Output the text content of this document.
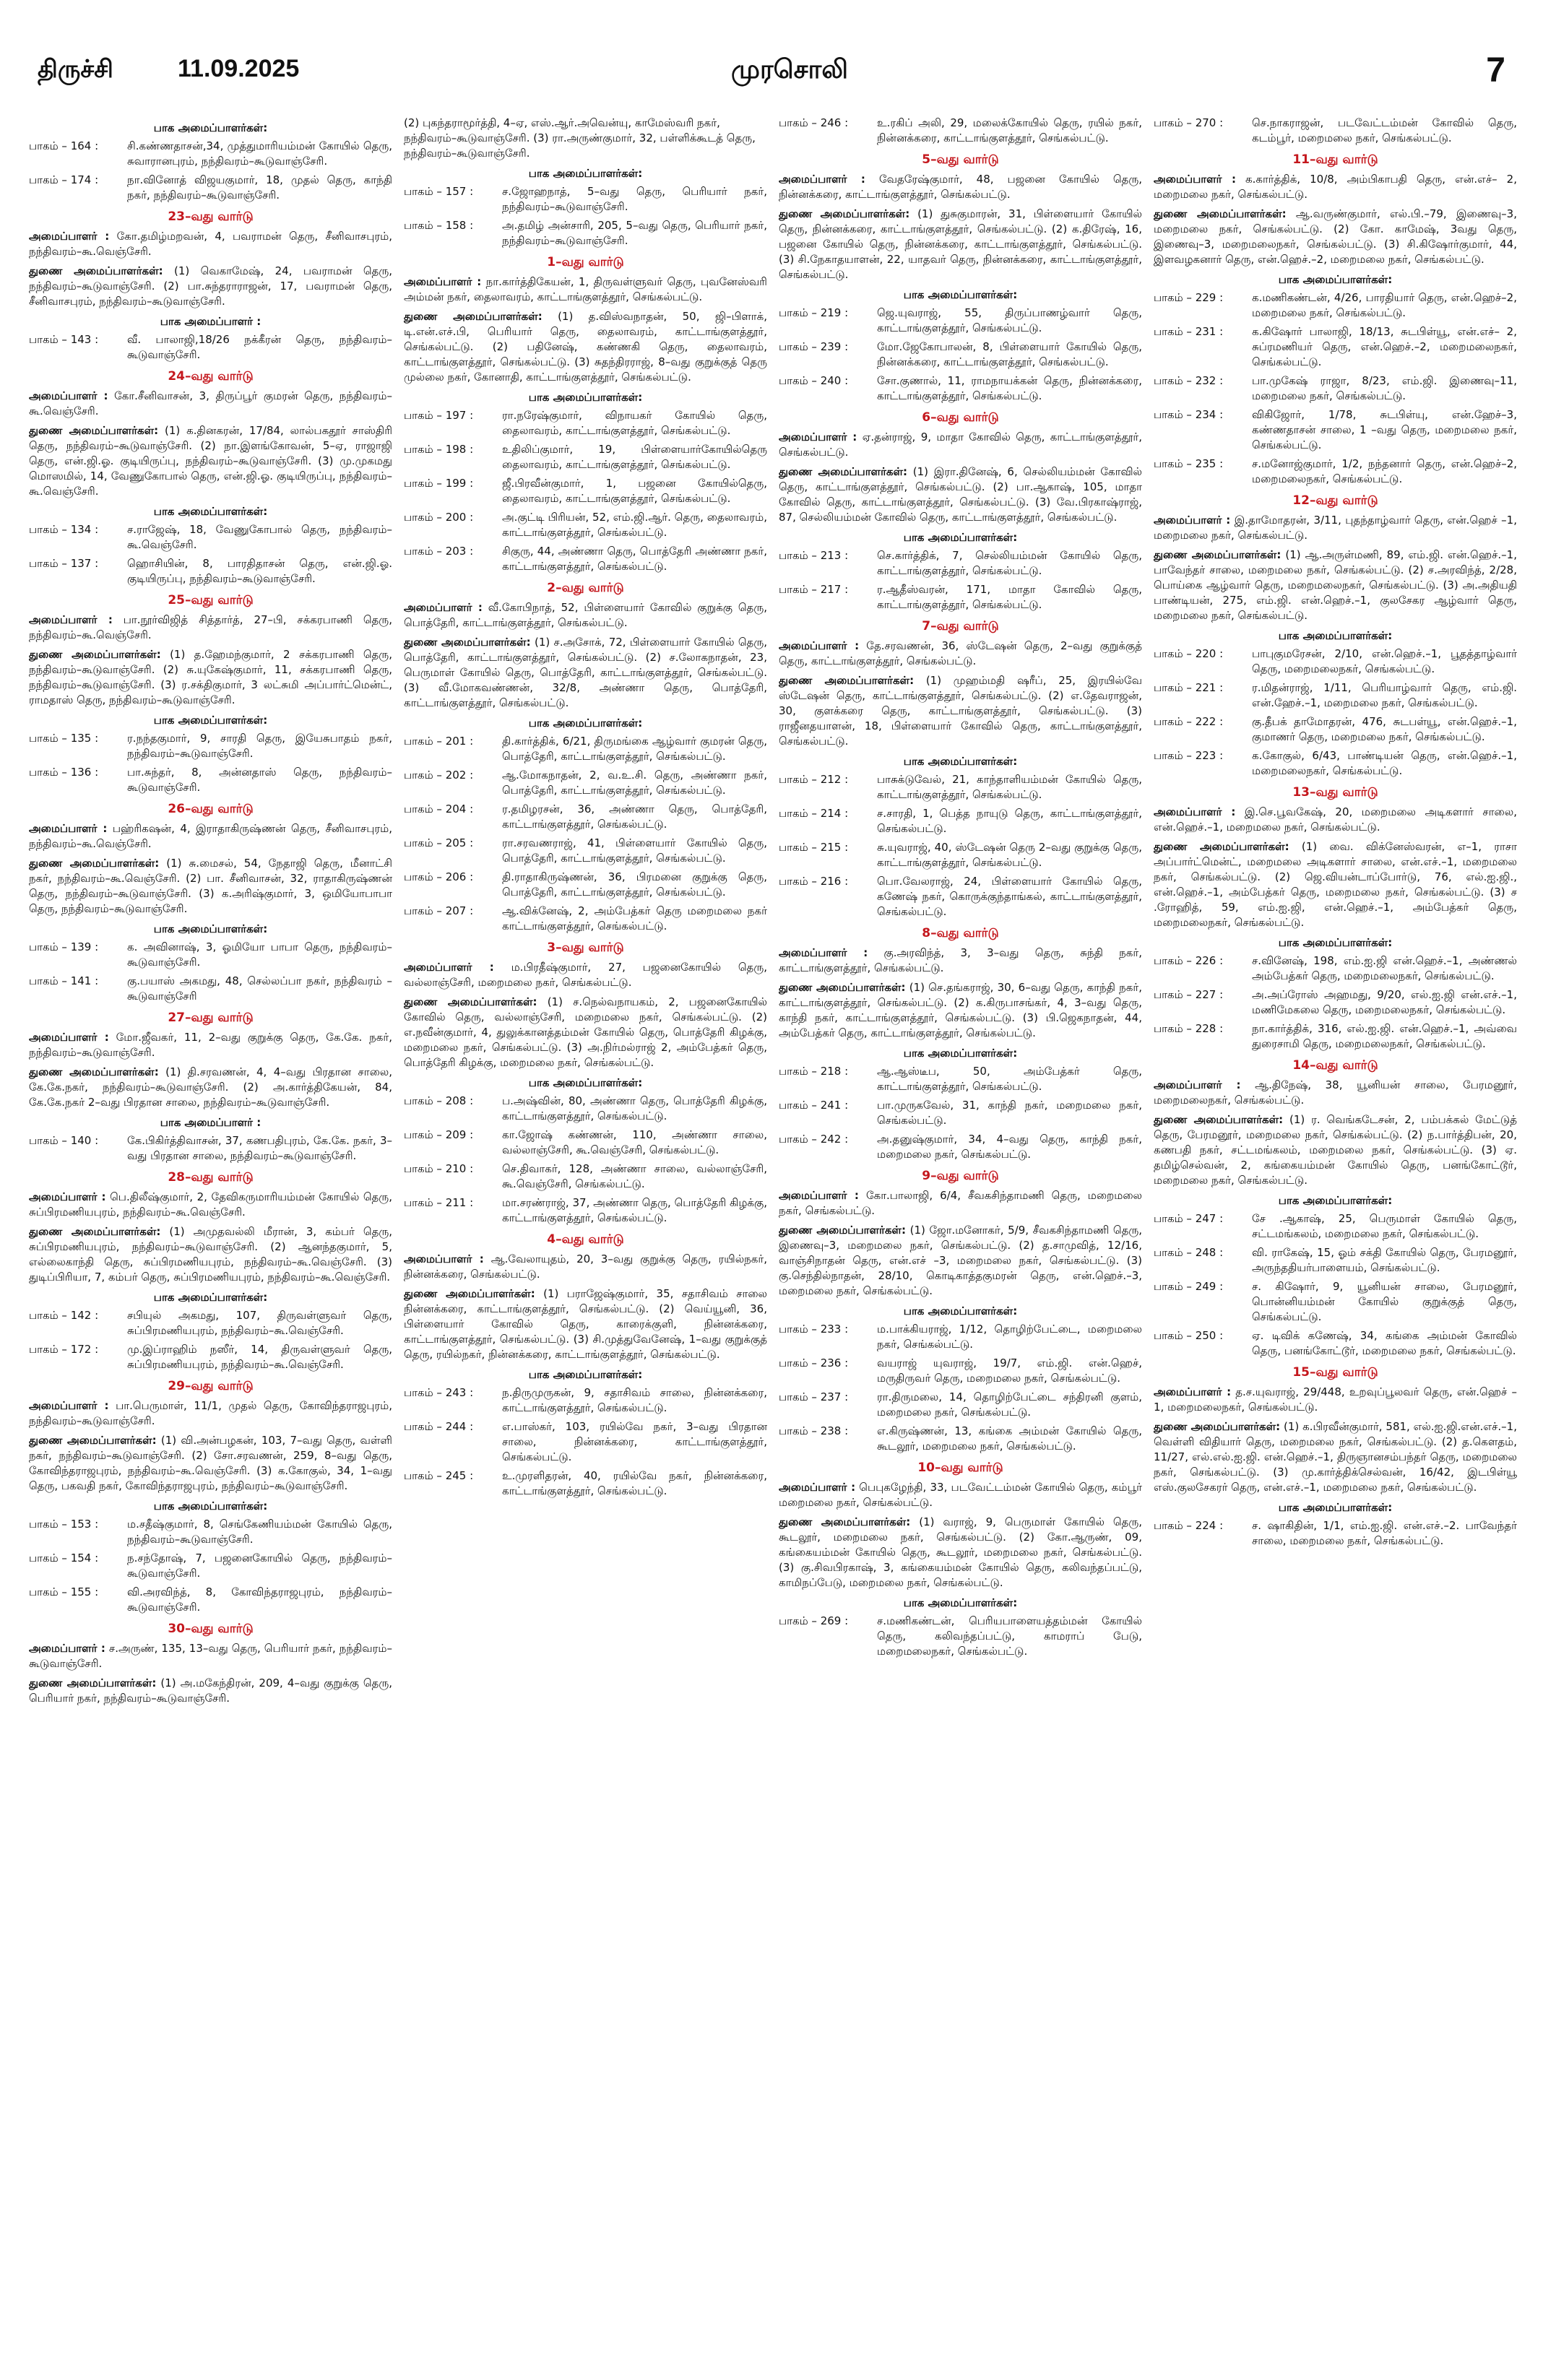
திருச்சி	11.09.2025	முரசொலி	7
பாக அமைப்பாளர்கள்:
பாகம் – 164 :	சி.கண்ணதாசன்,34, முத்துமாரியம்மன் கோயில் தெரு, சுவாரானபுரம், நந்திவரம்–கூடுவாஞ்சேரி.
பாகம் – 174 :	நா.வினோத் விஜயகுமார், 18, முதல் தெரு, காந்தி நகர், நந்திவரம்–கூடுவாஞ்சேரி.
23–வது வார்டு
அமைப்பாளர் : கோ.தமிழ்மறவன், 4, பவராமன் தெரு, சீனிவாசபுரம், நந்திவரம்–கூ.வெஞ்சேரி.
துணை அமைப்பாளர்கள்: (1) வெகாமேஷ், 24, பவராமன் தெரு, நந்திவரம்–கூடுவாஞ்சேரி. (2) பா.சுந்தராராஜன், 17, பவராமன் தெரு, சீனிவாசபுரம், நந்திவரம்–கூடுவாஞ்சேரி.
பாக அமைப்பாளர் :
பாகம் – 143 :	வீ. பாலாஜி,18/26 நக்கீரன் தெரு, நந்திவரம்–கூடுவாஞ்சேரி.
24–வது வார்டு
அமைப்பாளர் : கோ.சீனிவாசன், 3, திருப்பூர் குமரன் தெரு, நந்திவரம்–கூ.வெஞ்சேரி.
துணை அமைப்பாளர்கள்: (1) க.தினகரன், 17/84, லால்பகதூர் சாஸ்திரி தெரு, நந்திவரம்–கூடுவாஞ்சேரி. (2) நா.இளங்கோவன், 5–ஏ, ராஜாஜி தெரு, என்.ஜி.ஓ. குடியிருப்பு, நந்திவரம்–கூடுவாஞ்சேரி. (3) மு.முகமது மொஸமில், 14, வேணுகோபால் தெரு, என்.ஜி.ஓ. குடியிருப்பு, நந்திவரம்–கூ.வெஞ்சேரி.
பாக அமைப்பாளர்கள்:
பாகம் – 134 :	ச.ராஜேஷ், 18, வேணுகோபால் தெரு, நந்திவரம்–கூ.வெஞ்சேரி.
பாகம் – 137 :	ஹொசியின், 8, பாரதிதாசன் தெரு, என்.ஜி.ஓ. குடியிருப்பு, நந்திவரம்–கூடுவாஞ்சேரி.
25–வது வார்டு
அமைப்பாளர் : பா.நூர்விஜித் சித்தார்த், 27–பி, சக்கரபாணி தெரு, நந்திவரம்–கூ.வெஞ்சேரி.
துணை அமைப்பாளர்கள்: (1) த.ஹேமந்குமார், 2 சக்கரபாணி தெரு, நந்திவரம்–கூடுவாஞ்சேரி. (2) சு.யுகேஷ்குமார், 11, சக்கரபாணி தெரு, நந்திவரம்–கூடுவாஞ்சேரி. (3) ர.சக்திகுமார், 3 லட்சுமி அப்பார்ட்மென்ட், ராமதாஸ் தெரு, நந்திவரம்–கூடுவாஞ்சேரி.
பாக அமைப்பாளர்கள்:
பாகம் – 135 :	ர.நந்தகுமார், 9, சாரதி தெரு, இயேசுபாதம் நகர், நந்திவரம்–கூடுவாஞ்சேரி.
பாகம் – 136 :	பா.சுந்தர், 8, அன்னதாஸ் தெரு, நந்திவரம்–கூடுவாஞ்சேரி.
26–வது வார்டு
அமைப்பாளர் : பஹ்ரிகஷன், 4, இராதாகிருஷ்ணன் தெரு, சீனிவாசபுரம், நந்திவரம்–கூ.வெஞ்சேரி.
துணை அமைப்பாளர்கள்: (1) சு.மைசல், 54, நேதாஜி தெரு, மீனாட்சி நகர், நந்திவரம்–கூ.வெஞ்சேரி. (2) பா. சீனிவாசன், 32, ராதாகிருஷ்ணன் தெரு, நந்திவரம்–கூடுவாஞ்சேரி. (3) க.அரிஷ்குமார், 3, ஒமியோபாபா தெரு, நந்திவரம்–கூடுவாஞ்சேரி.
பாக அமைப்பாளர்கள்:
பாகம் – 139 :	க. அவினாஷ், 3, ஓமியோ பாபா தெரு, நந்திவரம்–கூடுவாஞ்சேரி.
பாகம் – 141 :	கு.பயாஸ் அகமது, 48, செல்லப்பா நகர், நந்திவரம் –கூடுவாஞ்சேரி
27–வது வார்டு
அமைப்பாளர் : மோ.ஜீவகர், 11, 2–வது குறுக்கு தெரு, கே.கே. நகர், நந்திவரம்–கூடுவாஞ்சேரி.
துணை அமைப்பாளர்கள்: (1) தி.சரவணன், 4, 4–வது பிரதான சாலை, கே.கே.நகர், நந்திவரம்–கூடுவாஞ்சேரி. (2) அ.கார்த்திகேயன், 84, கே.கே.நகர் 2–வது பிரதான சாலை, நந்திவரம்–கூடுவாஞ்சேரி.
பாக அமைப்பாளர் :
பாகம் – 140 :	கே.பிகிர்த்திவாசன், 37, கணபதிபுரம், கே.கே. நகர், 3–வது பிரதான சாலை, நந்திவரம்–கூடுவாஞ்சேரி.
28–வது வார்டு
அமைப்பாளர் : பெ.திலீஷ்குமார், 2, தேவிகருமாரியம்மன் கோயில் தெரு, சுப்பிரமணியபுரம், நந்திவரம்–கூ.வெஞ்சேரி.
துணை அமைப்பாளர்கள்: (1) அமுதவல்லி மீரான், 3, கம்பர் தெரு, சுப்பிரமணியபுரம், நந்திவரம்–கூடுவாஞ்சேரி. (2) ஆனந்தகுமார், 5, எல்லைகாந்தி தெரு, சுப்பிரமணியபுரம், நந்திவரம்–கூ.வெஞ்சேரி. (3) துடிப்பிரியா, 7, கம்பர் தெரு, சுப்பிரமணியபுரம், நந்திவரம்–கூ.வெஞ்சேரி.
பாக அமைப்பாளர்கள்:
பாகம் – 142 :	சபியுல் அகமது, 107, திருவள்ளுவர் தெரு, சுப்பிரமணியபுரம், நந்திவரம்–கூ.வெஞ்சேரி.
பாகம் – 172 :	மு.இப்ராஹிம் நஸீர், 14, திருவள்ளுவர் தெரு, சுப்பிரமணியபுரம், நந்திவரம்–கூ.வெஞ்சேரி.
29–வது வார்டு
அமைப்பாளர் : பா.பெருமாள், 11/1, முதல் தெரு, கோவிந்தராஜபுரம், நந்திவரம்–கூடுவாஞ்சேரி.
துணை அமைப்பாளர்கள்: (1) வி.அன்பழகன், 103, 7–வது தெரு, வள்ளி நகர், நந்திவரம்–கூடுவாஞ்சேரி. (2) சோ.சரவணன், 259, 8–வது தெரு, கோவிந்தராஜபுரம், நந்திவரம்–கூ.வெஞ்சேரி. (3) க.கோகுல், 34, 1–வது தெரு, பகவதி நகர், கோவிந்தராஜபுரம், நந்திவரம்–கூடுவாஞ்சேரி.
பாக அமைப்பாளர்கள்:
பாகம் – 153 :	ம.சதீஷ்குமார், 8, செங்கேணியம்மன் கோயில் தெரு, நந்திவரம்–கூடுவாஞ்சேரி.
பாகம் – 154 :	ந.சந்தோஷ், 7, பஜனைகோயில் தெரு, நந்திவரம்–கூடுவாஞ்சேரி.
பாகம் – 155 :	வி.அரவிந்த், 8, கோவிந்தராஜபுரம், நந்திவரம்–கூடுவாஞ்சேரி.
30–வது வார்டு
அமைப்பாளர் : ச.அருண், 135, 13–வது தெரு, பெரியார் நகர், நந்திவரம்–கூடுவாஞ்சேரி.
துணை அமைப்பாளர்கள்: (1) அ.மகேந்திரன், 209, 4–வது குறுக்கு தெரு, பெரியார் நகர், நந்திவரம்–கூடுவாஞ்சேரி.
(2) புகந்தராமூர்த்தி, 4–ஏ, எஸ்.ஆர்.அவென்யு, காமேஸ்வரி நகர், நந்திவரம்–கூடுவாஞ்சேரி. (3) ரா.அருண்குமார், 32, பள்ளிக்கூடத் தெரு, நந்திவரம்–கூடுவாஞ்சேரி.
பாக அமைப்பாளர்கள்:
பாகம் – 157 :	ச.ஜோஹநாத், 5–வது தெரு, பெரியார் நகர், நந்திவரம்–கூடுவாஞ்சேரி.
பாகம் – 158 :	அ.தமிழ் அன்சாரி, 205, 5–வது தெரு, பெரியார் நகர், நந்திவரம்–கூடுவாஞ்சேரி.
1–வது வார்டு
அமைப்பாளர் : நா.கார்த்திகேயன், 1, திருவள்ளுவர் தெரு, புவனேஸ்வரி அம்மன் நகர், தைலாவரம், காட்டாங்குளத்தூர், செங்கல்பட்டு.
துணை அமைப்பாளர்கள்: (1) த.விஸ்வநாதன், 50, ஜி–பிளாக், டி.என்.எச்.பி, பெரியார் தெரு, தைலாவரம், காட்டாங்குளத்தூர், செங்கல்பட்டு. (2) பதினேஷ், கண்ணகி தெரு, தைலாவரம், காட்டாங்குளத்தூர், செங்கல்பட்டு. (3) சுதந்திரராஜ், 8–வது குறுக்குத் தெரு முல்லை நகர், கோனாதி, காட்டாங்குளத்தூர், செங்கல்பட்டு.
பாக அமைப்பாளர்கள்:
பாகம் – 197 :	ரா.நரேஷ்குமார், விநாயகர் கோயில் தெரு, தைலாவரம், காட்டாங்குளத்தூர், செங்கல்பட்டு.
பாகம் – 198 :	உதிலிப்குமார், 19, பிள்ளையார்கோயில்தெரு தைலாவரம், காட்டாங்குளத்தூர், செங்கல்பட்டு.
பாகம் – 199 :	ஜீ.பிரவீன்குமார், 1, பஜனை கோயில்தெரு, தைலாவரம், காட்டாங்குளத்தூர், செங்கல்பட்டு.
பாகம் – 200 :	அ.குட்டி பிரியன், 52, எம்.ஜி.ஆர். தெரு, தைலாவரம், காட்டாங்குளத்தூர், செங்கல்பட்டு.
பாகம் – 203 :	சிகுரு, 44, அண்ணா தெரு, பொத்தேரி அண்ணா நகர், காட்டாங்குளத்தூர், செங்கல்பட்டு.
2–வது வார்டு
அமைப்பாளர் : வீ.கோபிநாத், 52, பிள்ளையார் கோவில் குறுக்கு தெரு, பொத்தேரி, காட்டாங்குளத்தூர், செங்கல்பட்டு.
துணை அமைப்பாளர்கள்: (1) ச.அசோக், 72, பிள்ளையார் கோயில் தெரு, பொத்தேரி, காட்டாங்குளத்தூர், செங்கல்பட்டு. (2) ச.லோகநாதன், 23, பெருமாள் கோயில் தெரு, பொத்தேரி, காட்டாங்குளத்தூர், செங்கல்பட்டு. (3) வீ.மோகவண்ணன், 32/8, அண்ணா தெரு, பொத்தேரி, காட்டாங்குளத்தூர், செங்கல்பட்டு.
பாக அமைப்பாளர்கள்:
பாகம் – 201 :	தி.கார்த்திக், 6/21, திருமங்கை ஆழ்வார் குமரன் தெரு, பொத்தேரி, காட்டாங்குளத்தூர், செங்கல்பட்டு.
பாகம் – 202 :	ஆ.மோகநாதன், 2, வ.உ.சி. தெரு, அண்ணா நகர், பொத்தேரி, காட்டாங்குளத்தூர், செங்கல்பட்டு.
பாகம் – 204 :	ர.தமிழரசன், 36, அண்ணா தெரு, பொத்தேரி, காட்டாங்குளத்தூர், செங்கல்பட்டு.
பாகம் – 205 :	ரா.சரவணராஜ், 41, பிள்ளையார் கோயில் தெரு, பொத்தேரி, காட்டாங்குளத்தூர், செங்கல்பட்டு.
பாகம் – 206 :	தி.ராதாகிருஷ்ணன், 36, பிரமனை குறுக்கு தெரு, பொத்தேரி, காட்டாங்குளத்தூர், செங்கல்பட்டு.
பாகம் – 207 :	ஆ.விக்னேஷ், 2, அம்பேத்கர் தெரு மறைமலை நகர் காட்டாங்குளத்தூர், செங்கல்பட்டு.
3–வது வார்டு
அமைப்பாளர் : ம.பிரதீஷ்குமார், 27, பஜனைகோயில் தெரு, வல்லாஞ்சேரி, மறைமலை நகர், செங்கல்பட்டு.
துணை அமைப்பாளர்கள்: (1) ச.நெல்வநாயகம், 2, பஜனைகோயில் கோவில் தெரு, வல்லாஞ்சேரி, மறைமலை நகர், செங்கல்பட்டு. (2) எ.நவீன்குமார், 4, துலுக்கானத்தம்மன் கோயில் தெரு, பொத்தேரி கிழக்கு, மறைமலை நகர், செங்கல்பட்டு. (3) அ.நிர்மல்ராஜ் 2, அம்பேத்கர் தெரு, பொத்தேரி கிழக்கு, மறைமலை நகர், செங்கல்பட்டு.
பாக அமைப்பாளர்கள்:
பாகம் – 208 :	ப.அஷ்வின், 80, அண்ணா தெரு, பொத்தேரி கிழக்கு, காட்டாங்குளத்தூர், செங்கல்பட்டு.
பாகம் – 209 :	கா.ஜோஷ் கண்ணன், 110, அண்ணா சாலை, வல்லாஞ்சேரி, கூ.வெஞ்சேரி, செங்கல்பட்டு.
பாகம் – 210 :	செ.திவாகர், 128, அண்ணா சாலை, வல்லாஞ்சேரி, கூ.வெஞ்சேரி, செங்கல்பட்டு.
பாகம் – 211 :	மா.சரண்ராஜ், 37, அண்ணா தெரு, பொத்தேரி கிழக்கு, காட்டாங்குளத்தூர், செங்கல்பட்டு.
4–வது வார்டு
அமைப்பாளர் : ஆ.வேலாயுதம், 20, 3–வது குறுக்கு தெரு, ரயில்நகர், நின்னக்கரை, செங்கல்பட்டு.
துணை அமைப்பாளர்கள்: (1) பராஜேஷ்குமார், 35, சதாசிவம் சாலை நின்னக்கரை, காட்டாங்குளத்தூர், செங்கல்பட்டு. (2) வெய்யூனி, 36, பிள்ளையார் கோவில் தெரு, காரைக்குளி, நின்னக்கரை, காட்டாங்குளத்தூர், செங்கல்பட்டு. (3) சி.முத்துவேனேஷ், 1–வது குறுக்குத் தெரு, ரயில்நகர், நின்னக்கரை, காட்டாங்குளத்தூர், செங்கல்பட்டு.
பாக அமைப்பாளர்கள்:
பாகம் – 243 :	ந.திருமுருகன், 9, சதாசிவம் சாலை, நின்னக்கரை, காட்டாங்குளத்தூர், செங்கல்பட்டு.
பாகம் – 244 :	எ.பாஸ்கர், 103, ரயில்வே நகர், 3–வது பிரதான சாலை, நின்னக்கரை, காட்டாங்குளத்தூர், செங்கல்பட்டு.
பாகம் – 245 :	உ.முரளிதரன், 40, ரயில்வே நகர், நின்னக்கரை, காட்டாங்குளத்தூர், செங்கல்பட்டு.
பாகம் – 246 :	உ.ரகிப் அலி, 29, மலைக்கோயில் தெரு, ரயில் நகர், நின்னக்கரை, காட்டாங்குளத்தூர், செங்கல்பட்டு.
5–வது வார்டு
அமைப்பாளர் : வேதரேஷ்குமார், 48, பஜனை கோயில் தெரு, நின்னக்கரை, காட்டாங்குளத்தூர், செங்கல்பட்டு.
துணை அமைப்பாளர்கள்: (1) துசுகுமாரன், 31, பிள்ளையார் கோயில் தெரு, நின்னக்கரை, காட்டாங்குளத்தூர், செங்கல்பட்டு. (2) க.திரேஷ், 16, பஜனை கோயில் தெரு, நின்னக்கரை, காட்டாங்குளத்தூர், செங்கல்பட்டு. (3) சி.நேகாதயாளன், 22, யாதவர் தெரு, நின்னக்கரை, காட்டாங்குளத்தூர், செங்கல்பட்டு.
பாக அமைப்பாளர்கள்:
பாகம் – 219 :	ஜெ.யுவராஜ், 55, திருப்பாணழ்வார் தெரு, காட்டாங்குளத்தூர், செங்கல்பட்டு.
பாகம் – 239 :	மோ.ஜேகோபாலன், 8, பிள்ளையார் கோயில் தெரு, நின்னக்கரை, காட்டாங்குளத்தூர், செங்கல்பட்டு.
பாகம் – 240 :	சோ.குணால், 11, ராமநாயக்கன் தெரு, நின்னக்கரை, காட்டாங்குளத்தூர், செங்கல்பட்டு.
6–வது வார்டு
அமைப்பாளர் : ஏ.தன்ராஜ், 9, மாதா கோவில் தெரு, காட்டாங்குளத்தூர், செங்கல்பட்டு.
துணை அமைப்பாளர்கள்: (1) இரா.தினேஷ், 6, செல்லியம்மன் கோவில் தெரு, காட்டாங்குளத்தூர், செங்கல்பட்டு. (2) பா.ஆகாஷ், 105, மாதா கோவில் தெரு, காட்டாங்குளத்தூர், செங்கல்பட்டு. (3) வே.பிரகாஷ்ராஜ், 87, செல்லியம்மன் கோவில் தெரு, காட்டாங்குளத்தூர், செங்கல்பட்டு.
பாக அமைப்பாளர்கள்:
பாகம் – 213 :	செ.கார்த்திக், 7, செல்லியம்மன் கோயில் தெரு, காட்டாங்குளத்தூர், செங்கல்பட்டு.
பாகம் – 217 :	ர.ஆதீஸ்வரன், 171, மாதா கோவில் தெரு, காட்டாங்குளத்தூர், செங்கல்பட்டு.
7–வது வார்டு
அமைப்பாளர் : தே.சரவணன், 36, ஸ்டேஷன் தெரு, 2–வது குறுக்குத் தெரு, காட்டாங்குளத்தூர், செங்கல்பட்டு.
துணை அமைப்பாளர்கள்: (1) முஹம்மதி ஷரீப், 25, இரயில்வே ஸ்டேஷன் தெரு, காட்டாங்குளத்தூர், செங்கல்பட்டு. (2) எ.தேவராஜன், 30, குளக்கரை தெரு, காட்டாங்குளத்தூர், செங்கல்பட்டு. (3) ராஜீனதயாளன், 18, பிள்ளையார் கோவில் தெரு, காட்டாங்குளத்தூர், செங்கல்பட்டு.
பாக அமைப்பாளர்கள்:
பாகம் – 212 :	பாசுக்டுவேல், 21, காந்தாளியம்மன் கோயில் தெரு, காட்டாங்குளத்தூர், செங்கல்பட்டு.
பாகம் – 214 :	ச.சாரதி, 1, பெத்த நாயுடு தெரு, காட்டாங்குளத்தூர், செங்கல்பட்டு.
பாகம் – 215 :	சு.யுவராஜ், 40, ஸ்டேஷன் தெரு 2–வது குறுக்கு தெரு, காட்டாங்குளத்தூர், செங்கல்பட்டு.
பாகம் – 216 :	பொ.வேலராஜ், 24, பிள்ளையார் கோயில் தெரு, கணேஷ் நகர், கொருக்குந்தாங்கல், காட்டாங்குளத்தூர், செங்கல்பட்டு.
8–வது வார்டு
அமைப்பாளர் : கு.அரவிந்த், 3, 3–வது தெரு, சுந்தி நகர், காட்டாங்குளத்தூர், செங்கல்பட்டு.
துணை அமைப்பாளர்கள்: (1) செ.தங்கராஜ், 30, 6–வது தெரு, காந்தி நகர், காட்டாங்குளத்தூர், செங்கல்பட்டு. (2) க.கிருபாசங்கர், 4, 3–வது தெரு, காந்தி நகர், காட்டாங்குளத்தூர், செங்கல்பட்டு. (3) பி.ஜெகநாதன், 44, அம்பேத்கர் தெரு, காட்டாங்குளத்தூர், செங்கல்பட்டு.
பாக அமைப்பாளர்கள்:
பாகம் – 218 :	ஆ.ஆஸ்டீப, 50, அம்பேத்கர் தெரு, காட்டாங்குளத்தூர், செங்கல்பட்டு.
பாகம் – 241 :	பா.முருகவேல், 31, காந்தி நகர், மறைமலை நகர், செங்கல்பட்டு.
பாகம் – 242 :	அ.தனுஷ்குமார், 34, 4–வது தெரு, காந்தி நகர், மறைமலை நகர், செங்கல்பட்டு.
9–வது வார்டு
அமைப்பாளர் : கோ.பாலாஜி, 6/4, சீவகசிந்தாமணி தெரு, மறைமலை நகர், செங்கல்பட்டு.
துணை அமைப்பாளர்கள்: (1) ஜோ.மனோகர், 5/9, சீவகசிந்தாமணி தெரு, இணைவு–3, மறைமலை நகர், செங்கல்பட்டு. (2) த.சாமுவித், 12/16, வாஞ்சிநாதன் தெரு, என்.எச் –3, மறைமலை நகர், செங்கல்பட்டு. (3) கு.செந்தில்நாதன், 28/10, கொடிகாத்தகுமரன் தெரு, என்.ஹெச்.–3, மறைமலை நகர், செங்கல்பட்டு.
பாக அமைப்பாளர்கள்:
பாகம் – 233 :	ம.பாக்கியராஜ், 1/12, தொழிற்பேட்டை, மறைமலை நகர், செங்கல்பட்டு.
பாகம் – 236 :	வயராஜ் யுவராஜ், 19/7, எம்.ஜி. என்.ஹெச், மருதிருவர் தெரு, மறைமலை நகர், செங்கல்பட்டு.
பாகம் – 237 :	ரா.திருமலை, 14, தொழிற்பேட்டை சந்திரனி குளம், மறைமலை நகர், செங்கல்பட்டு.
பாகம் – 238 :	எ.கிருஷ்ணன், 13, கங்கை அம்மன் கோயில் தெரு, கூடலூர், மறைமலை நகர், செங்கல்பட்டு.
10–வது வார்டு
அமைப்பாளர் : பெபுகழேந்தி, 33, படவேட்டம்மன் கோயில் தெரு, கம்பூர் மறைமலை நகர், செங்கல்பட்டு.
துணை அமைப்பாளர்கள்: (1) வராஜ், 9, பெருமாள் கோயில் தெரு, கூடலூர், மறைமலை நகர், செங்கல்பட்டு. (2) கோ.ஆருண், 09, கங்கையம்மன் கோயில் தெரு, கூடலூர், மறைமலை நகர், செங்கல்பட்டு. (3) கு.சிவபிரகாஷ், 3, கங்கையம்மன் கோயில் தெரு, கலிவந்தப்பட்டு, காமிநப்பேடு, மறைமலை நகர், செங்கல்பட்டு.
பாக அமைப்பாளர்கள்:
பாகம் – 269 :	ச.மணிகண்டன், பெரியபாளையத்தம்மன் கோயில் தெரு, கலிவந்தப்பட்டு, காமராப் பேடு, மறைமலைநகர், செங்கல்பட்டு.
பாகம் – 270 :	செ.நாகராஜன், படவேட்டம்மன் கோவில் தெரு, கடம்பூர், மறைமலை நகர், செங்கல்பட்டு.
11–வது வார்டு
அமைப்பாளர் : க.கார்த்திக், 10/8, அம்பிகாபதி தெரு, என்.எச்– 2, மறைமலை நகர், செங்கல்பட்டு.
துணை அமைப்பாளர்கள்: ஆ.வருண்குமார், எல்.பி.–79, இணைவு–3, மறைமலை நகர், செங்கல்பட்டு. (2) கோ. காமேஷ், 3வது தெரு, இணைவு–3, மறைமலைநகர், செங்கல்பட்டு. (3) சி.கிஷோர்குமார், 44, இளவழகனார் தெரு, என்.ஹெச்.–2, மறைமலை நகர், செங்கல்பட்டு.
பாக அமைப்பாளர்கள்:
பாகம் – 229 :	க.மணிகண்டன், 4/26, பாரதியார் தெரு, என்.ஹெச்–2, மறைமலை நகர், செங்கல்பட்டு.
பாகம் – 231 :	க.கிஷோர் பாலாஜி, 18/13, சுடபிள்யூ, என்.எச்– 2, சுப்ரமணியர் தெரு, என்.ஹெச்.–2, மறைமலைநகர், செங்கல்பட்டு.
பாகம் – 232 :	பா.முகேஷ் ராஜா, 8/23, எம்.ஜி. இணைவு–11, மறைமலை நகர், செங்கல்பட்டு.
பாகம் – 234 :	விகிஜோர், 1/78, சுடபிள்யு, என்.ஹேச்–3, கண்ணதாசன் சாலை, 1 –வது தெரு, மறைமலை நகர், செங்கல்பட்டு.
பாகம் – 235 :	ச.மனோஜ்குமார், 1/2, நந்தனார் தெரு, என்.ஹெச்–2, மறைமலைநகர், செங்கல்பட்டு.
12–வது வார்டு
அமைப்பாளர் : இ.தாமோதரன், 3/11, புதந்தாழ்வார் தெரு, என்.ஹெச் –1, மறைமலை நகர், செங்கல்பட்டு.
துணை அமைப்பாளர்கள்: (1) ஆ.அருள்மணி, 89, எம்.ஜி. என்.ஹெச்.–1, பாவேந்தர் சாலை, மறைமலை நகர், செங்கல்பட்டு. (2) ச.அரவிந்த், 2/28, பொய்கை ஆழ்வார் தெரு, மறைமலைநகர், செங்கல்பட்டு. (3) அ.அதியதி பாண்டியன், 275, எம்.ஜி. என்.ஹெச்.–1, குலசேகர ஆழ்வார் தெரு, மறைமலை நகர், செங்கல்பட்டு.
பாக அமைப்பாளர்கள்:
பாகம் – 220 :	பாபுகுமரேசன், 2/10, என்.ஹெச்.–1, பூதத்தாழ்வார் தெரு, மறைமலைநகர், செங்கல்பட்டு.
பாகம் – 221 :	ர.மிதன்ராஜ், 1/11, பெரியாழ்வார் தெரு, எம்.ஜி. என்.ஹேச்.–1, மறைமலை நகர், செங்கல்பட்டு.
பாகம் – 222 :	கு.தீபக் தாமோதரன், 476, சுடபள்யூ, என்.ஹெச்.–1, குமாணர் தெரு, மறைமலை நகர், செங்கல்பட்டு.
பாகம் – 223 :	க.கோகுல், 6/43, பாண்டியன் தெரு, என்.ஹெச்.–1, மறைமலைநகர், செங்கல்பட்டு.
13–வது வார்டு
அமைப்பாளர் : இ.செ.பூவகேஷ், 20, மறைமலை அடிகளார் சாலை, என்.ஹெச்.–1, மறைமலை நகர், செங்கல்பட்டு.
துணை அமைப்பாளர்கள்: (1) வை. விக்னேஸ்வரன், எ–1, ராசா அப்பார்ட்மென்ட், மறைமலை அடிகளார் சாலை, என்.எச்.–1, மறைமலை நகர், செங்கல்பட்டு. (2) ஜெ.வியன்டாப்போர்டு, 76, எல்.ஐ.ஜி., என்.ஹெச்.–1, அம்பேத்கர் தெரு, மறைமலை நகர், செங்கல்பட்டு. (3) ச .ரோஹித், 59, எம்.ஐ.ஜி, என்.ஹெச்.–1, அம்பேத்கர் தெரு, மறைமலைநகர், செங்கல்பட்டு.
பாக அமைப்பாளர்கள்:
பாகம் – 226 :	ச.வினேஷ், 198, எம்.ஐ.ஜி என்.ஹெச்.–1, அண்ணல் அம்பேத்கர் தெரு, மறைமலைநகர், செங்கல்பட்டு.
பாகம் – 227 :	அ.அப்ரோஸ் அஹமது, 9/20, எல்.ஐ.ஜி என்.எச்.–1, மணிமேகலை தெரு, மறைமலைநகர், செங்கல்பட்டு.
பாகம் – 228 :	நா.கார்த்திக், 316, எல்.ஐ.ஜி. என்.ஹெச்.–1, அவ்வை துரைசாமி தெரு, மறைமலைநகர், செங்கல்பட்டு.
14–வது வார்டு
அமைப்பாளர் : ஆ.திநேஷ், 38, யூனியன் சாலை, பேரமனூர், மறைமலைநகர், செங்கல்பட்டு.
துணை அமைப்பாளர்கள்: (1) ர. வெங்கடேசன், 2, பம்பக்கல் மேட்டுத் தெரு, பேரமனூர், மறைமலை நகர், செங்கல்பட்டு. (2) ந.பார்த்திபன், 20, கணபதி நகர், சட்டமங்கலம், மறைமலை நகர், செங்கல்பட்டு. (3) ஏ. தமிழ்செல்வன், 2, கங்கையம்மன் கோயில் தெரு, பனங்கோட்டூர், மறைமலை நகர், செங்கல்பட்டு.
பாக அமைப்பாளர்கள்:
பாகம் – 247 :	சே .ஆகாஷ், 25, பெருமாள் கோயில் தெரு, சட்டமங்கலம், மறைமலை நகர், செங்கல்பட்டு.
பாகம் – 248 :	வி. ராகேஷ், 15, ஓம் சக்தி கோயில் தெரு, பேரமனூர், அருந்ததியர்பாளையம், செங்கல்பட்டு.
பாகம் – 249 :	ச. கிஷோர், 9, யூனியன் சாலை, பேரமனூர், பொன்னியம்மன் கோயில் குறுக்குத் தெரு, செங்கல்பட்டு.
பாகம் – 250 :	ஏ. டிவிக் கணேஷ், 34, கங்கை அம்மன் கோவில் தெரு, பனங்கோட்டூர், மறைமலை நகர், செங்கல்பட்டு.
15–வது வார்டு
அமைப்பாளர் : த.ச.யுவராஜ், 29/448, உறவுப்பூலவர் தெரு, என்.ஹெச் –1, மறைமலைநகர், செங்கல்பட்டு.
துணை அமைப்பாளர்கள்: (1) க.பிரவீன்குமார், 581, எல்.ஐ.ஜி.என்.எச்.–1, வெள்ளி விதியார் தெரு, மறைமலை நகர், செங்கல்பட்டு. (2) த.கெளதம், 11/27, எல்.எல்.ஐ.ஜி. என்.ஹெச்.–1, திருஞானசம்பந்தர் தெரு, மறைமலை நகர், செங்கல்பட்டு. (3) மு.கார்த்திக்செல்வன், 16/42, இடபிள்யூ எஸ்.குலசேகரர் தெரு, என்.எச்.–1, மறைமலை நகர், செங்கல்பட்டு.
பாக அமைப்பாளர்கள்:
பாகம் – 224 :	ச. ஷாகிதின், 1/1, எம்.ஐ.ஜி. என்.எச்.–2. பாவேந்தர் சாலை, மறைமலை நகர், செங்கல்பட்டு.
